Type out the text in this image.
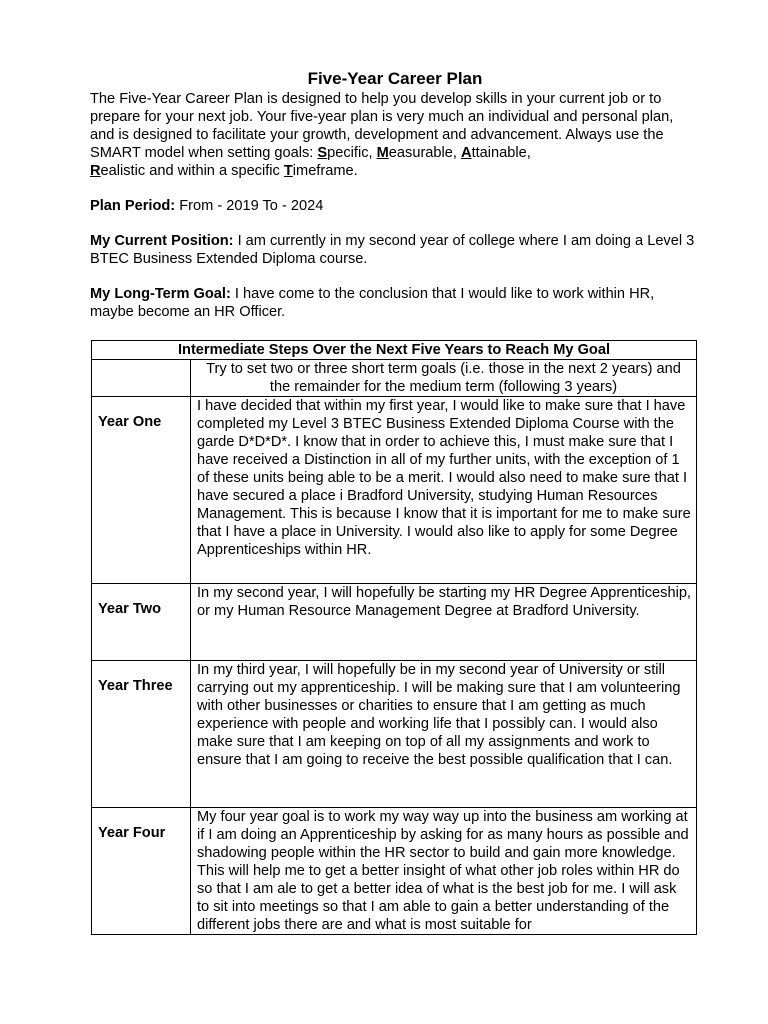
Five-Year Career Plan

The Five-Year Career Plan is designed to help you develop skills in your current job or to prepare for your next job. Your five-year plan is very much an individual and personal plan, and is designed to facilitate your growth, development and advancement. Always use the SMART model when setting goals: Specific, Measurable, Attainable,
Realistic and within a specific Timeframe.

Plan Period: From - 2019 To - 2024

My Current Position: I am currently in my second year of college where I am doing a Level 3 BTEC Business Extended Diploma course.

My Long-Term Goal: I have come to the conclusion that I would like to work within HR, maybe become an HR Officer.

Intermediate Steps Over the Next Five Years to Reach My Goal	
	Try to set two or three short term goals (i.e. those in the next 2 years) and the remainder for the medium term (following 3 years)
Year One	I have decided that within my first year, I would like to make sure that I have completed my Level 3 BTEC Business Extended Diploma Course with the garde D*D*D*. I know that in order to achieve this, I must make sure that I have received a Distinction in all of my further units, with the exception of 1 of these units being able to be a merit. I would also need to make sure that I have secured a place i Bradford University, studying Human Resources Management. This is because I know that it is important for me to make sure that I have a place in University. I would also like to apply for some Degree Apprenticeships within HR.
Year Two	In my second year, I will hopefully be starting my HR Degree Apprenticeship, or my Human Resource Management Degree at Bradford University.
Year Three	In my third year, I will hopefully be in my second year of University or still carrying out my apprenticeship. I will be making sure that I am volunteering with other businesses or charities to ensure that I am getting as much experience with people and working life that I possibly can. I would also make sure that I am keeping on top of all my assignments and work to ensure that I am going to receive the best possible qualification that I can.
Year Four	My four year goal is to work my way way up into the business am working at if I am doing an Apprenticeship by asking for as many hours as possible and shadowing people within the HR sector to build and gain more knowledge. This will help me to get a better insight of what other job roles within HR do so that I am ale to get a better idea of what is the best job for me. I will ask to sit into meetings so that I am able to gain a better understanding of the different jobs there are and what is most suitable for
